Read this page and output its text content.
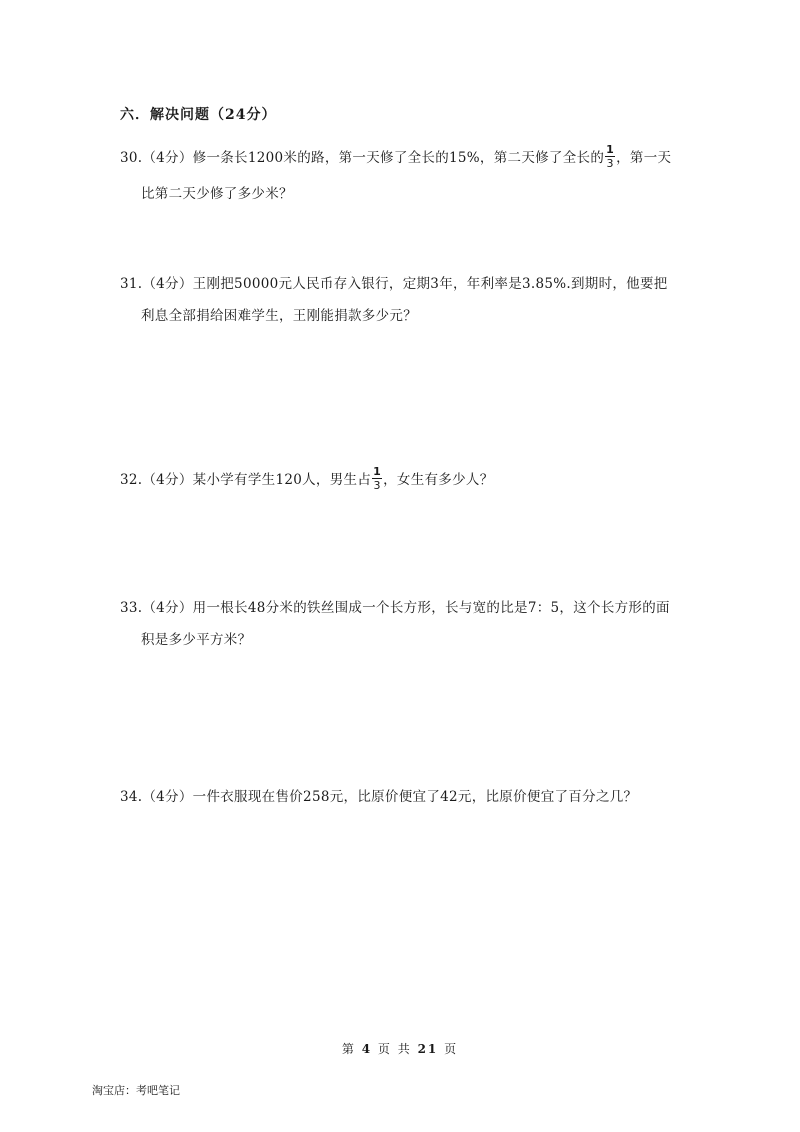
六．解决问题（24分）
30.（4分）修一条长1200米的路，第一天修了全长的15%，第二天修了全长的 $\frac{1}{3}$ ，第一天
比第二天少修了多少米？
31.（4分）王刚把50000元人民币存入银行，定期3年，年利率是3.85%.到期时，他要把
利息全部捐给困难学生，王刚能捐款多少元？
32.（4分）某小学有学生120人，男生占 $\frac{1}{3}$ ，女生有多少人？
33.（4分）用一根长48分米的铁丝围成一个长方形，长与宽的比是7：5，这个长方形的面
积是多少平方米？
34.（4分）一件衣服现在售价258元，比原价便宜了42元，比原价便宜了百分之几？
第 4 页 共 21 页
淘宝店：考吧笔记
